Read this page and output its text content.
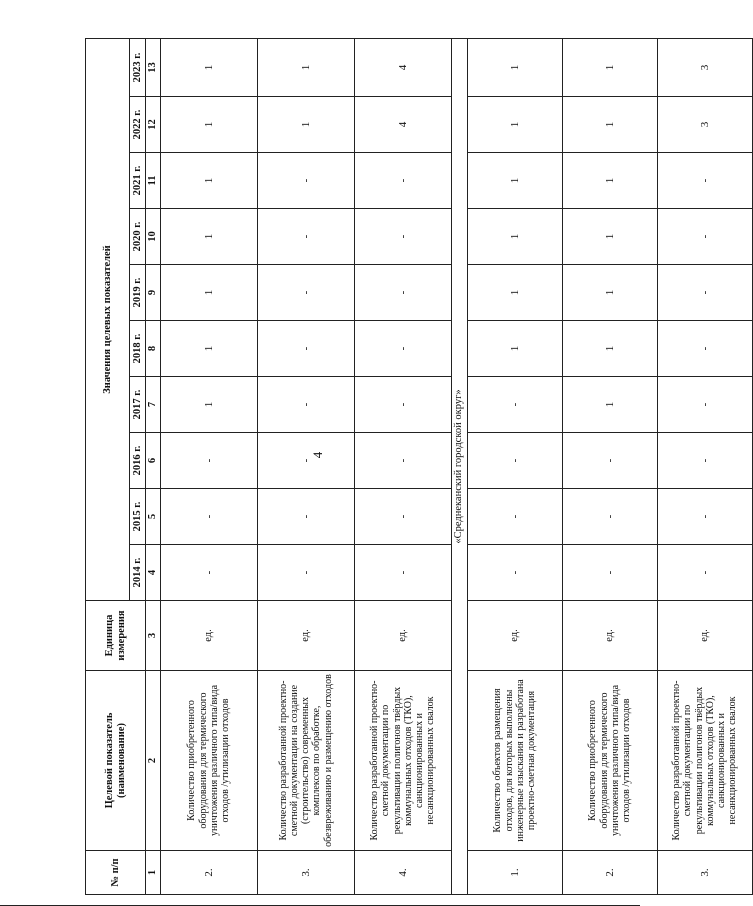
4
№ п/п	Целевой показатель (наименование)	Единица измерения	Значения целевых показателей									
			2014 г.	2015 г.	2016 г.	2017 г.	2018 г.	2019 г.	2020 г.	2021 г.	2022 г.	2023 г.
1	2	3	4	5	6	7	8	9	10	11	12	13
2.	Количество приобретенного оборудования для термического уничтожения различного типа/вида отходов /утилизации отходов	ед.	-	-	-	1	1	1	1	1	1	1
3.	Количество разработанной проектно-сметной документации на создание (строительство) современных комплексов по обработке, обезвреживанию и размещению отходов	ед.	-	-	-	-	-	-	-	-	1	1
4.	Количество разработанной проектно-сметной документации по рекультивации полигонов твёрдых коммунальных отходов (ТКО), санкционированных и несанкционированных свалок	ед.	-	-	-	-	-	-	-	-	4	4
«Среднеканский городской округ»												
1.	Количество объектов размещения отходов, для которых выполнены инженерные изыскания и разработана проектно-сметная документация	ед.	-	-	-	-	1	1	1	1	1	1
2.	Количество приобретенного оборудования для термического уничтожения различного типа/вида отходов /утилизации отходов	ед.	-	-	-	1	1	1	1	1	1	1
3.	Количество разработанной проектно-сметной документации по рекультивации полигонов твёрдых коммунальных отходов (ТКО), санкционированных и несанкционированных свалок	ед.	-	-	-	-	-	-	-	-	3	3
